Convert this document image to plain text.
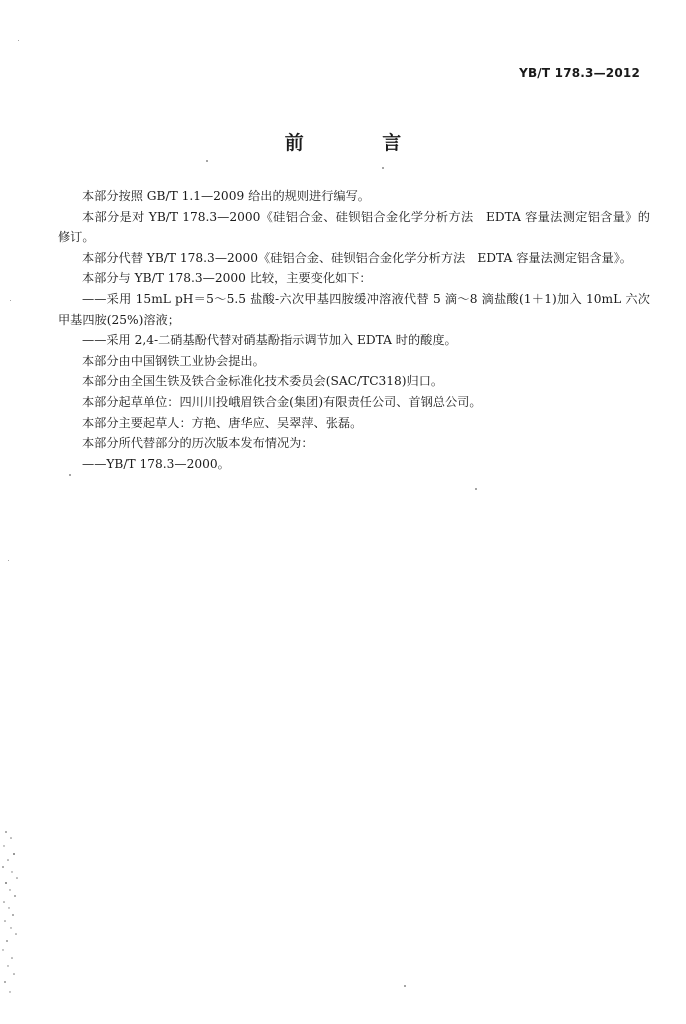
YB/T 178.3—2012
前 言

本部分按照 GB/T 1.1—2009 给出的规则进行编写。

本部分是对 YB/T 178.3—2000《硅铝合金、硅钡铝合金化学分析方法　EDTA 容量法测定铝含量》的修订。

本部分代替 YB/T 178.3—2000《硅铝合金、硅钡铝合金化学分析方法　EDTA 容量法测定铝含量》。

本部分与 YB/T 178.3—2000 比较，主要变化如下：

——采用 15mL pH＝5～5.5 盐酸-六次甲基四胺缓冲溶液代替 5 滴～8 滴盐酸(1＋1)加入 10mL 六次甲基四胺(25%)溶液；

——采用 2,4-二硝基酚代替对硝基酚指示调节加入 EDTA 时的酸度。

本部分由中国钢铁工业协会提出。

本部分由全国生铁及铁合金标准化技术委员会(SAC/TC318)归口。

本部分起草单位：四川川投峨眉铁合金(集团)有限责任公司、首钢总公司。

本部分主要起草人：方艳、唐华应、吴翠萍、张磊。

本部分所代替部分的历次版本发布情况为：

——YB/T 178.3—2000。
